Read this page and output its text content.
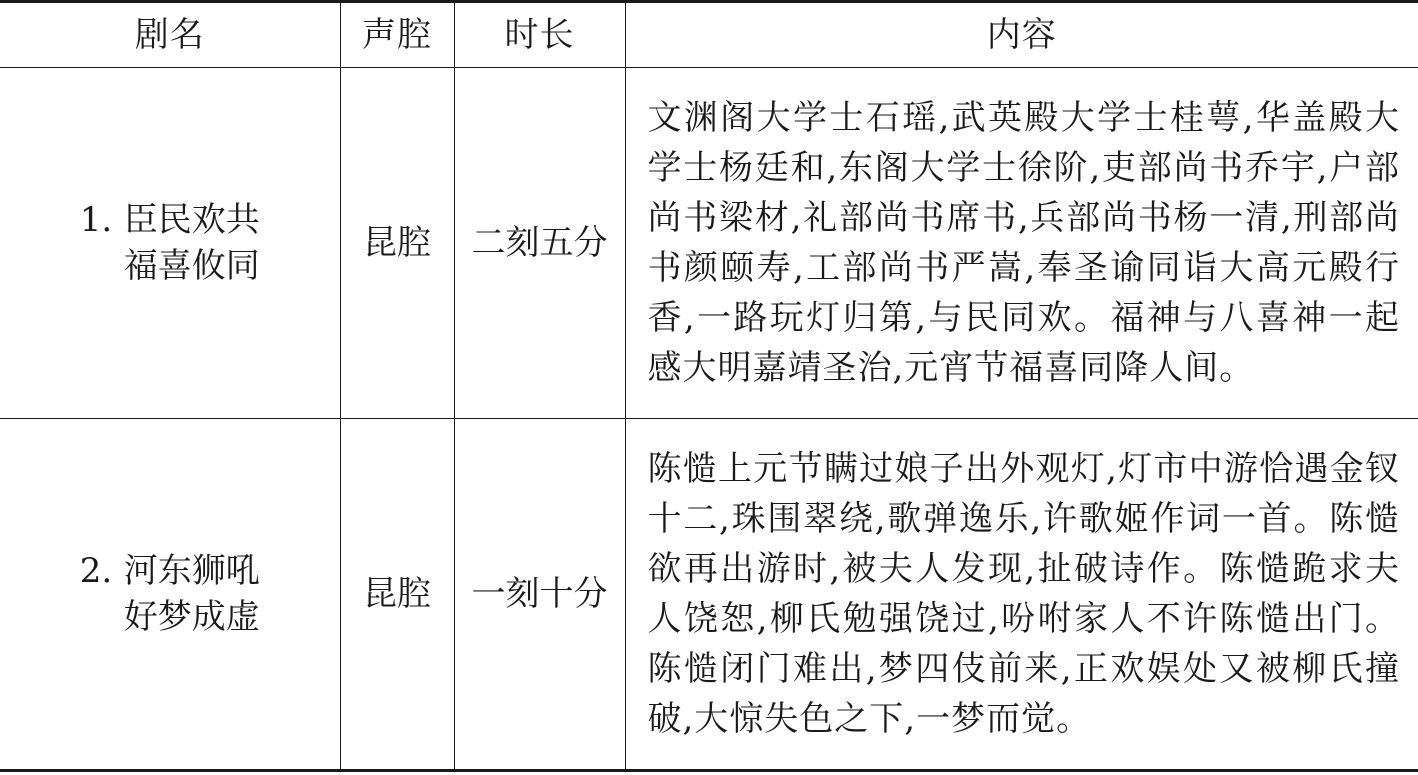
剧名	声腔	时长	内容

1. 臣民欢共
福喜攸同	昆腔	二刻五分	文渊阁大学士石瑶,武英殿大学士桂萼,华盖殿大学士杨廷和,东阁大学士徐阶,吏部尚书乔宇,户部尚书梁材,礼部尚书席书,兵部尚书杨一清,刑部尚书颜颐寿,工部尚书严嵩,奉圣谕同诣大高元殿行香,一路玩灯归第,与民同欢。福神与八喜神一起感大明嘉靖圣治,元宵节福喜同降人间。

2. 河东狮吼
好梦成虚	昆腔	一刻十分	陈慥上元节瞒过娘子出外观灯,灯市中游恰遇金钗十二,珠围翠绕,歌弹逸乐,许歌姬作词一首。陈慥欲再出游时,被夫人发现,扯破诗作。陈慥跪求夫人饶恕,柳氏勉强饶过,吩咐家人不许陈慥出门。陈慥闭门难出,梦四伎前来,正欢娱处又被柳氏撞破,大惊失色之下,一梦而觉。
